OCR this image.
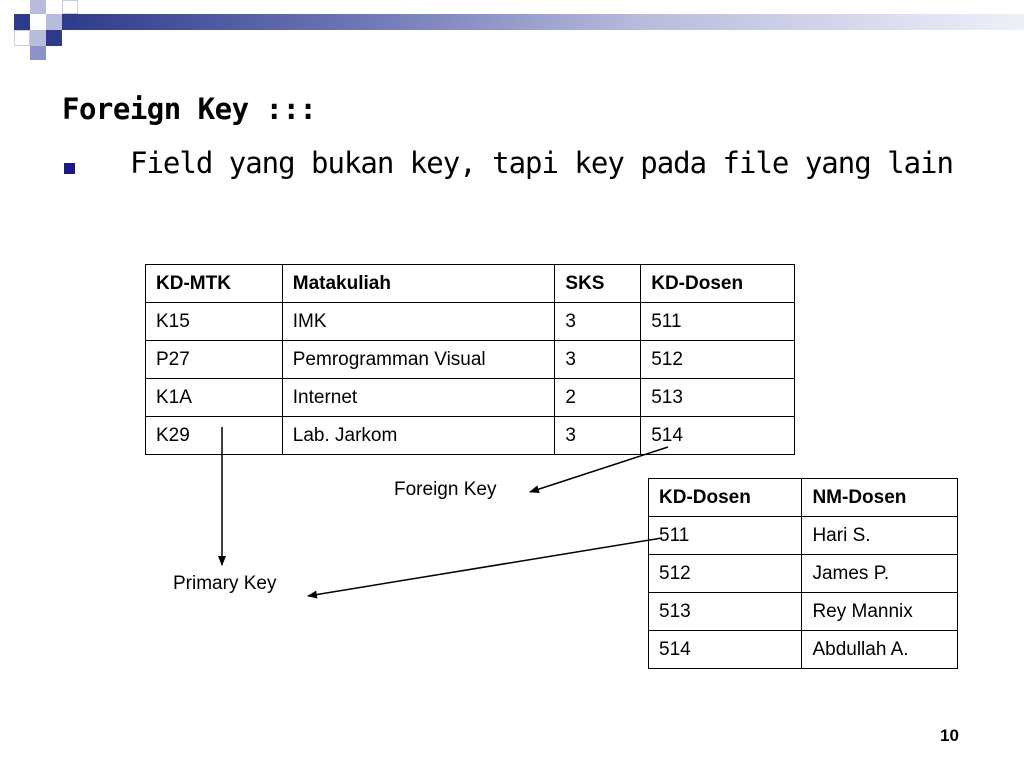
Foreign Key :::
Field yang bukan key, tapi key pada file yang lain
KD-MTK	Matakuliah	SKS	KD-Dosen
K15	IMK	3	511
P27	Pemrogramman Visual	3	512
K1A	Internet	2	513
K29	Lab. Jarkom	3	514
KD-Dosen	NM-Dosen
511	Hari S.
512	James P.
513	Rey Mannix
514	Abdullah A.
Foreign Key
Primary Key
10
